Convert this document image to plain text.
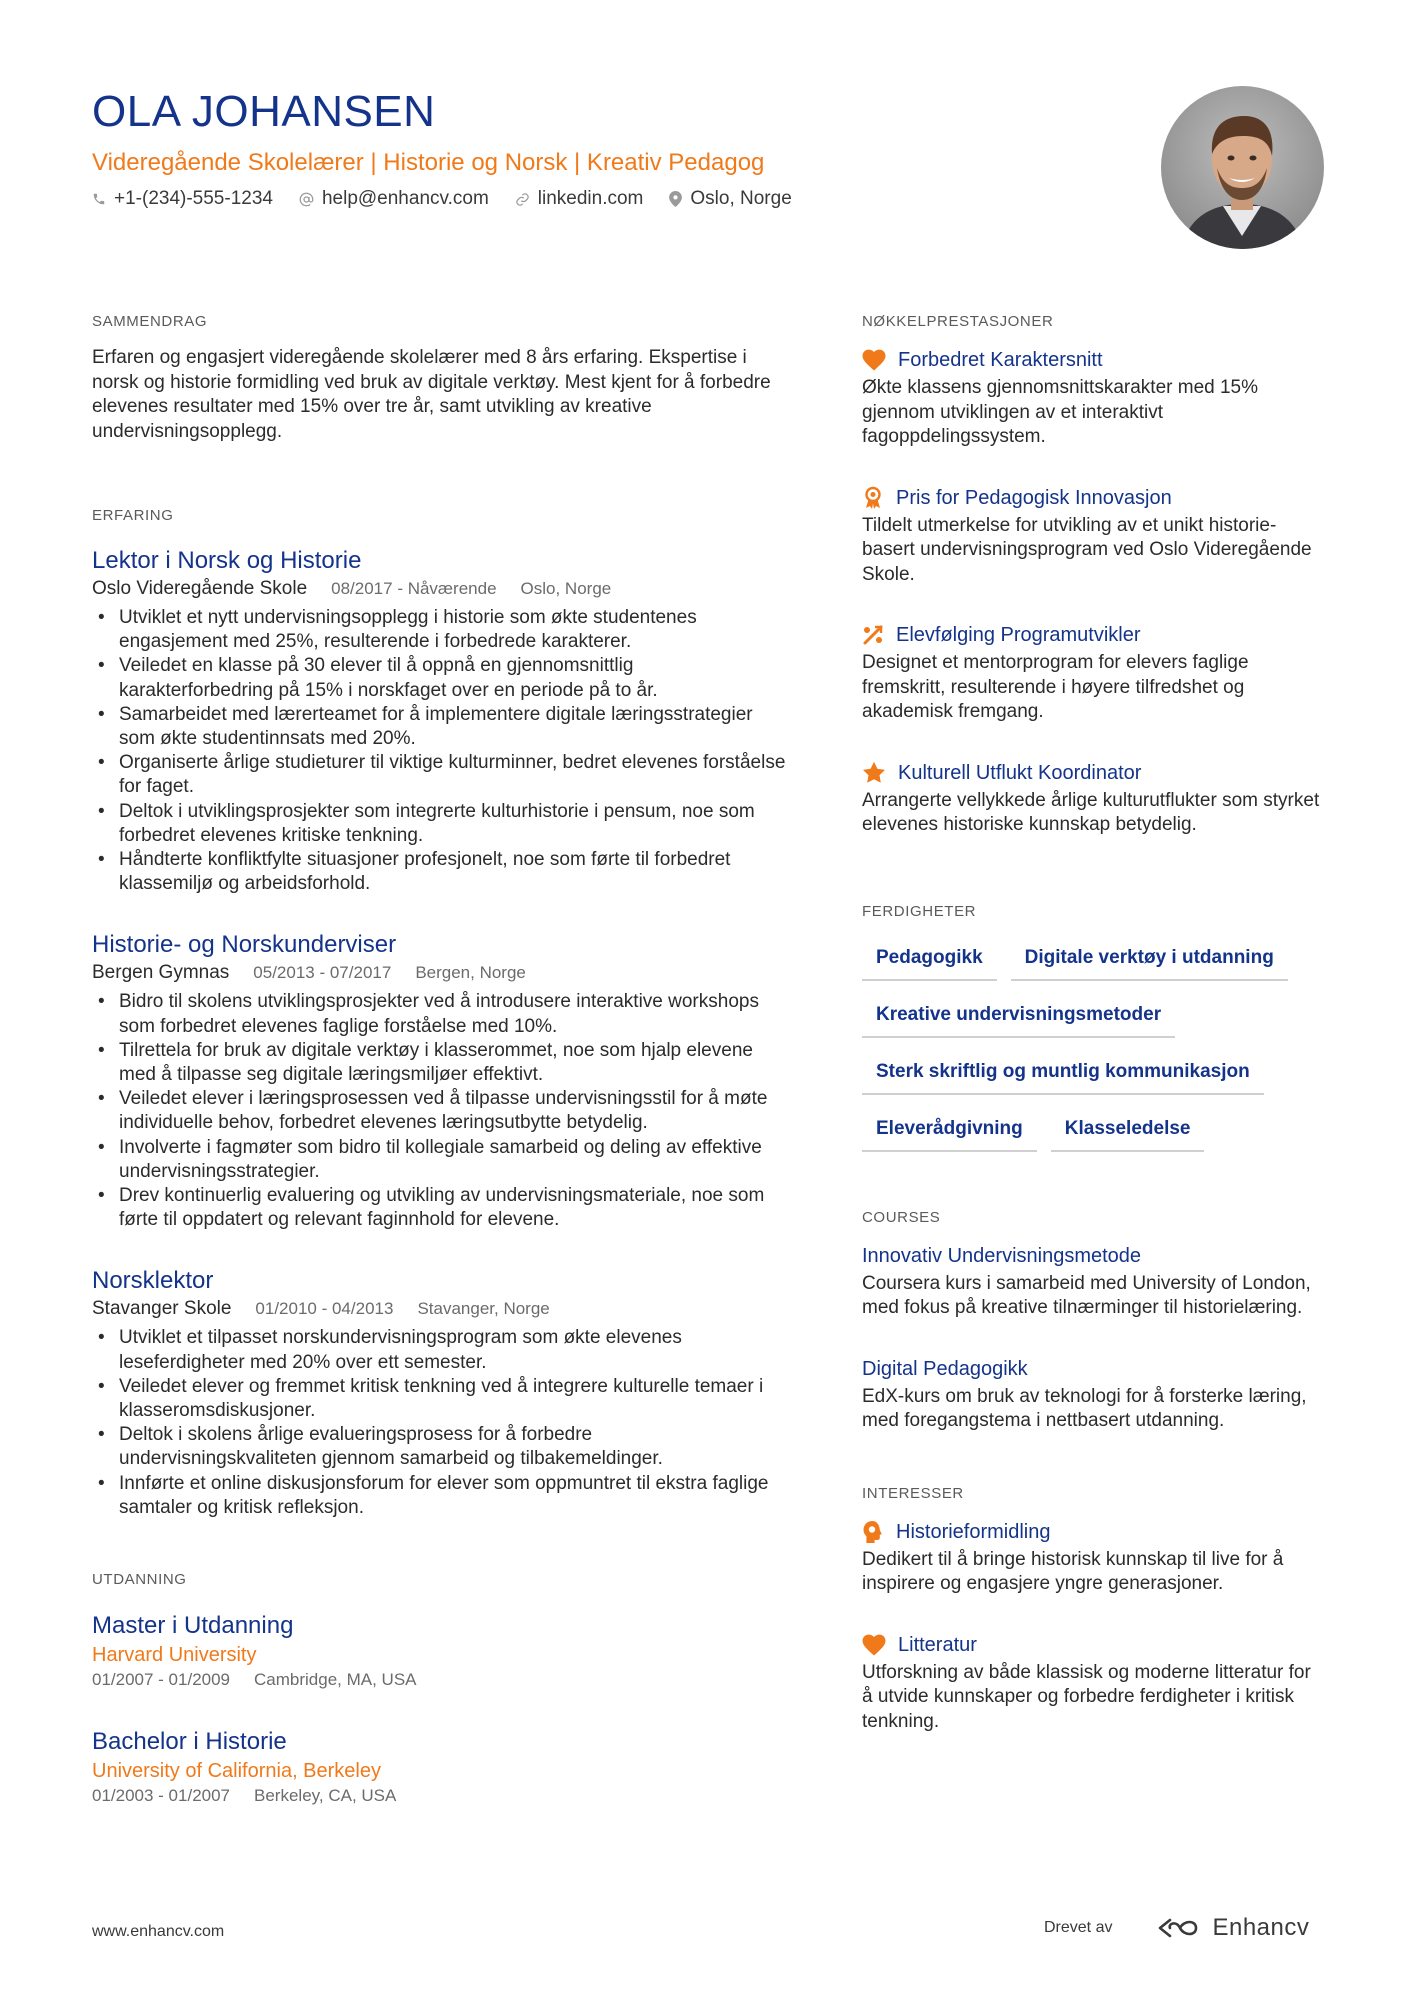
OLA JOHANSEN
Videregående Skolelærer | Historie og Norsk | Kreativ Pedagog
+1-(234)-555-1234	help@enhancv.com	linkedin.com Oslo, Norge
SAMMENDRAG
Erfaren og engasjert videregående skolelærer med 8 års erfaring. Ekspertise i norsk og historie formidling ved bruk av digitale verktøy. Mest kjent for å forbedre elevenes resultater med 15% over tre år, samt utvikling av kreative undervisningsopplegg.
ERFARING
Lektor i Norsk og Historie
Oslo Videregående Skole 08/2017 - Nåværende Oslo, Norge
• Utviklet et nytt undervisningsopplegg i historie som økte studentenes engasjement med 25%, resulterende i forbedrede karakterer.
• Veiledet en klasse på 30 elever til å oppnå en gjennomsnittlig karakterforbedring på 15% i norskfaget over en periode på to år.
• Samarbeidet med lærerteamet for å implementere digitale læringsstrategier som økte studentinnsats med 20%.
• Organiserte årlige studieturer til viktige kulturminner, bedret elevenes forståelse for faget.
• Deltok i utviklingsprosjekter som integrerte kulturhistorie i pensum, noe som forbedret elevenes kritiske tenkning.
• Håndterte konfliktfylte situasjoner profesjonelt, noe som førte til forbedret klassemiljø og arbeidsforhold.
Historie- og Norskunderviser
Bergen Gymnas 05/2013 - 07/2017 Bergen, Norge
• Bidro til skolens utviklingsprosjekter ved å introdusere interaktive workshops som forbedret elevenes faglige forståelse med 10%.
• Tilrettela for bruk av digitale verktøy i klasserommet, noe som hjalp elevene med å tilpasse seg digitale læringsmiljøer effektivt.
• Veiledet elever i læringsprosessen ved å tilpasse undervisningsstil for å møte individuelle behov, forbedret elevenes læringsutbytte betydelig.
• Involverte i fagmøter som bidro til kollegiale samarbeid og deling av effektive undervisningsstrategier.
• Drev kontinuerlig evaluering og utvikling av undervisningsmateriale, noe som førte til oppdatert og relevant faginnhold for elevene.
Norsklektor
Stavanger Skole 01/2010 - 04/2013 Stavanger, Norge
• Utviklet et tilpasset norskundervisningsprogram som økte elevenes leseferdigheter med 20% over ett semester.
• Veiledet elever og fremmet kritisk tenkning ved å integrere kulturelle temaer i klasseromsdiskusjoner.
• Deltok i skolens årlige evalueringsprosess for å forbedre undervisningskvaliteten gjennom samarbeid og tilbakemeldinger.
• Innførte et online diskusjonsforum for elever som oppmuntret til ekstra faglige samtaler og kritisk refleksjon.
UTDANNING
Master i Utdanning
Harvard University
01/2007 - 01/2009 Cambridge, MA, USA
Bachelor i Historie
University of California, Berkeley
01/2003 - 01/2007 Berkeley, CA, USA
NØKKELPRESTASJONER
Forbedret Karaktersnitt
Økte klassens gjennomsnittskarakter med 15% gjennom utviklingen av et interaktivt fagoppdelingssystem.
Pris for Pedagogisk Innovasjon
Tildelt utmerkelse for utvikling av et unikt historie-basert undervisningsprogram ved Oslo Videregående Skole.
Elevfølging Programutvikler
Designet et mentorprogram for elevers faglige fremskritt, resulterende i høyere tilfredshet og akademisk fremgang.
Kulturell Utflukt Koordinator
Arrangerte vellykkede årlige kulturutflukter som styrket elevenes historiske kunnskap betydelig.
FERDIGHETER
Pedagogikk	Digitale verktøy i utdanning
Kreative undervisningsmetoder
Sterk skriftlig og muntlig kommunikasjon
Eleverådgivning	Klasseledelse
COURSES
Innovativ Undervisningsmetode
Coursera kurs i samarbeid med University of London, med fokus på kreative tilnærminger til historielæring.
Digital Pedagogikk
EdX-kurs om bruk av teknologi for å forsterke læring, med foregangstema i nettbasert utdanning.
INTERESSER
Historieformidling
Dedikert til å bringe historisk kunnskap til live for å inspirere og engasjere yngre generasjoner.
Litteratur
Utforskning av både klassisk og moderne litteratur for å utvide kunnskaper og forbedre ferdigheter i kritisk tenkning.
www.enhancv.com	Drevet av	Enhancv
